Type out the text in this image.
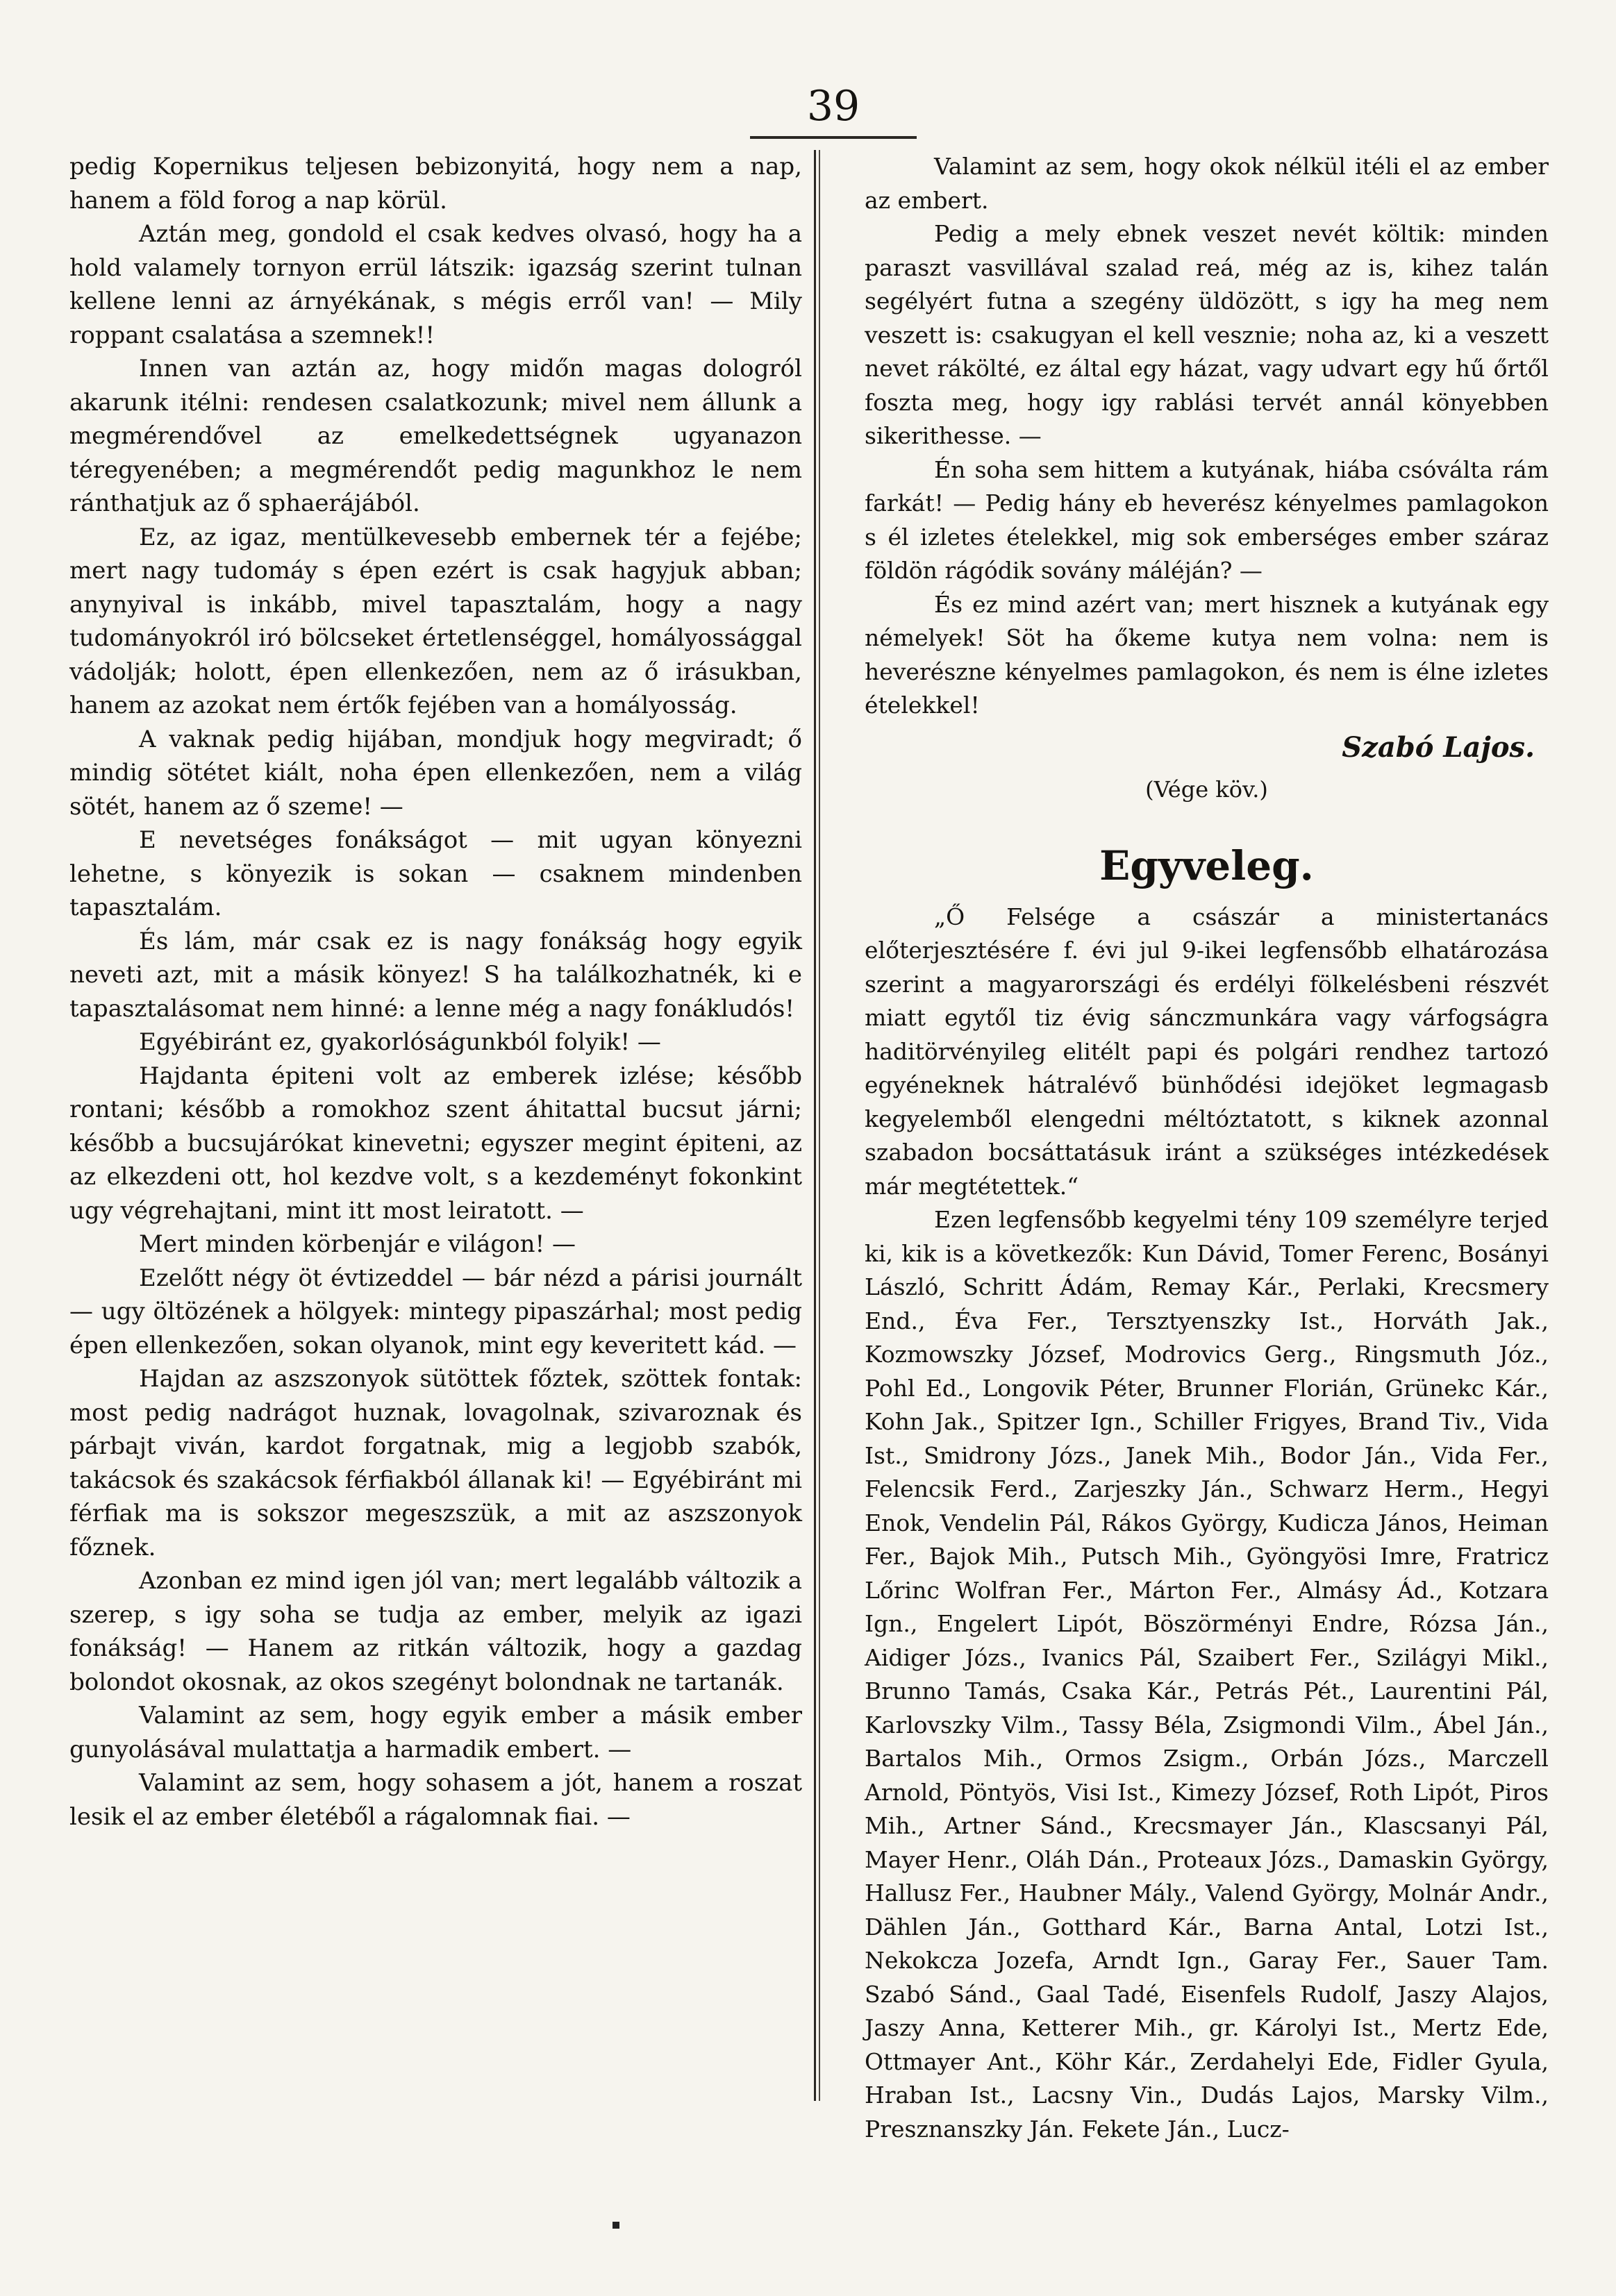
39

pedig Kopernikus teljesen bebizonyitá, hogy nem a nap, hanem a föld forog a nap körül.

Aztán meg, gondold el csak kedves olvasó, hogy ha a hold valamely tornyon errül látszik: igazság szerint tulnan kellene lenni az árnyékának, s mégis erről van! — Mily roppant csalatása a szemnek!!

Innen van aztán az, hogy midőn magas dologról akarunk itélni: rendesen csalatkozunk; mivel nem állunk a megmérendővel az emelkedettségnek ugyanazon téregyenében; a megmérendőt pedig magunkhoz le nem ránthatjuk az ő sphaerájából.

Ez, az igaz, mentülkevesebb embernek tér a fejébe; mert nagy tudomáy s épen ezért is csak hagyjuk abban; anynyival is inkább, mivel tapasztalám, hogy a nagy tudományokról iró bölcseket értetlenséggel, homályossággal vádolják; holott, épen ellenkezően, nem az ő irásukban, hanem az azokat nem értők fejében van a homályosság.

A vaknak pedig hijában, mondjuk hogy megviradt; ő mindig sötétet kiált, noha épen ellenkezően, nem a világ sötét, hanem az ő szeme! —

E nevetséges fonákságot — mit ugyan könyezni lehetne, s könyezik is sokan — csaknem mindenben tapasztalám.

És lám, már csak ez is nagy fonákság hogy egyik neveti azt, mit a másik könyez! S ha találkozhatnék, ki e tapasztalásomat nem hinné: a lenne még a nagy fonákludós!

Egyébiránt ez, gyakorlóságunkból folyik! —

Hajdanta épiteni volt az emberek izlése; később rontani; később a romokhoz szent áhitattal bucsut járni; később a bucsujárókat kinevetni; egyszer megint épiteni, az az elkezdeni ott, hol kezdve volt, s a kezdeményt fokonkint ugy végrehajtani, mint itt most leiratott. —

Mert minden körbenjár e világon! —

Ezelőtt négy öt évtizeddel — bár nézd a párisi journált — ugy öltözének a hölgyek: mintegy pipaszárhal; most pedig épen ellenkezően, sokan olyanok, mint egy keveritett kád. —

Hajdan az aszszonyok sütöttek főztek, szöttek fontak: most pedig nadrágot huznak, lovagolnak, szivaroznak és párbajt viván, kardot forgatnak, mig a legjobb szabók, takácsok és szakácsok férfiakból állanak ki! — Egyébiránt mi férfiak ma is sokszor megeszszük, a mit az aszszonyok főznek.

Azonban ez mind igen jól van; mert legalább változik a szerep, s igy soha se tudja az ember, melyik az igazi fonákság! — Hanem az ritkán változik, hogy a gazdag bolondot okosnak, az okos szegényt bolondnak ne tartanák.

Valamint az sem, hogy egyik ember a másik ember gunyolásával mulattatja a harmadik embert. —

Valamint az sem, hogy sohasem a jót, hanem a roszat lesik el az ember életéből a rágalomnak fiai. —

Valamint az sem, hogy okok nélkül itéli el az ember az embert.

Pedig a mely ebnek veszet nevét költik: minden paraszt vasvillával szalad reá, még az is, kihez talán segélyért futna a szegény üldözött, s igy ha meg nem veszett is: csakugyan el kell vesznie; noha az, ki a veszett nevet rákölté, ez által egy házat, vagy udvart egy hű őrtől foszta meg, hogy igy rablási tervét annál könyebben sikerithesse. —

Én soha sem hittem a kutyának, hiába csóválta rám farkát! — Pedig hány eb heverész kényelmes pamlagokon s él izletes ételekkel, mig sok emberséges ember száraz földön rágódik sovány máléján? —

És ez mind azért van; mert hisznek a kutyának egy némelyek! Söt ha őkeme kutya nem volna: nem is heverészne kényelmes pamlagokon, és nem is élne izletes ételekkel!

Szabó Lajos.
(Vége köv.)
Egyveleg.

„Ő Felsége a császár a ministertanács előterjesztésére f. évi jul 9-ikei legfensőbb elhatározása szerint a magyarországi és erdélyi fölkelésbeni részvét miatt egytől tiz évig sánczmunkára vagy várfogságra haditörvényileg elitélt papi és polgári rendhez tartozó egyéneknek hátralévő bünhődési idejöket legmagasb kegyelemből elengedni méltóztatott, s kiknek azonnal szabadon bocsáttatásuk iránt a szükséges intézkedések már megtétettek.“

Ezen legfensőbb kegyelmi tény 109 személyre terjed ki, kik is a következők: Kun Dávid, Tomer Ferenc, Bosányi László, Schritt Ádám, Remay Kár., Perlaki, Krecsmery End., Éva Fer., Tersztyenszky Ist., Horváth Jak., Kozmowszky József, Modrovics Gerg., Ringsmuth Józ., Pohl Ed., Longovik Péter, Brunner Florián, Grünekc Kár., Kohn Jak., Spitzer Ign., Schiller Frigyes, Brand Tiv., Vida Ist., Smidrony Józs., Janek Mih., Bodor Ján., Vida Fer., Felencsik Ferd., Zarjeszky Ján., Schwarz Herm., Hegyi Enok, Vendelin Pál, Rákos György, Kudicza János, Heiman Fer., Bajok Mih., Putsch Mih., Gyöngyösi Imre, Fratricz Lőrinc Wolfran Fer., Márton Fer., Almásy Ád., Kotzara Ign., Engelert Lipót, Böszörményi Endre, Rózsa Ján., Aidiger Józs., Ivanics Pál, Szaibert Fer., Szilágyi Mikl., Brunno Tamás, Csaka Kár., Petrás Pét., Laurentini Pál, Karlovszky Vilm., Tassy Béla, Zsigmondi Vilm., Ábel Ján., Bartalos Mih., Ormos Zsigm., Orbán Józs., Marczell Arnold, Pöntyös, Visi Ist., Kimezy József, Roth Lipót, Piros Mih., Artner Sánd., Krecsmayer Ján., Klascsanyi Pál, Mayer Henr., Oláh Dán., Proteaux Józs., Damaskin György, Hallusz Fer., Haubner Mály., Valend György, Molnár Andr., Dählen Ján., Gotthard Kár., Barna Antal, Lotzi Ist., Nekokcza Jozefa, Arndt Ign., Garay Fer., Sauer Tam. Szabó Sánd., Gaal Tadé, Eisenfels Rudolf, Jaszy Alajos, Jaszy Anna, Ketterer Mih., gr. Károlyi Ist., Mertz Ede, Ottmayer Ant., Köhr Kár., Zerdahelyi Ede, Fidler Gyula, Hraban Ist., Lacsny Vin., Dudás Lajos, Marsky Vilm., Presznanszky Ján. Fekete Ján., Lucz-
